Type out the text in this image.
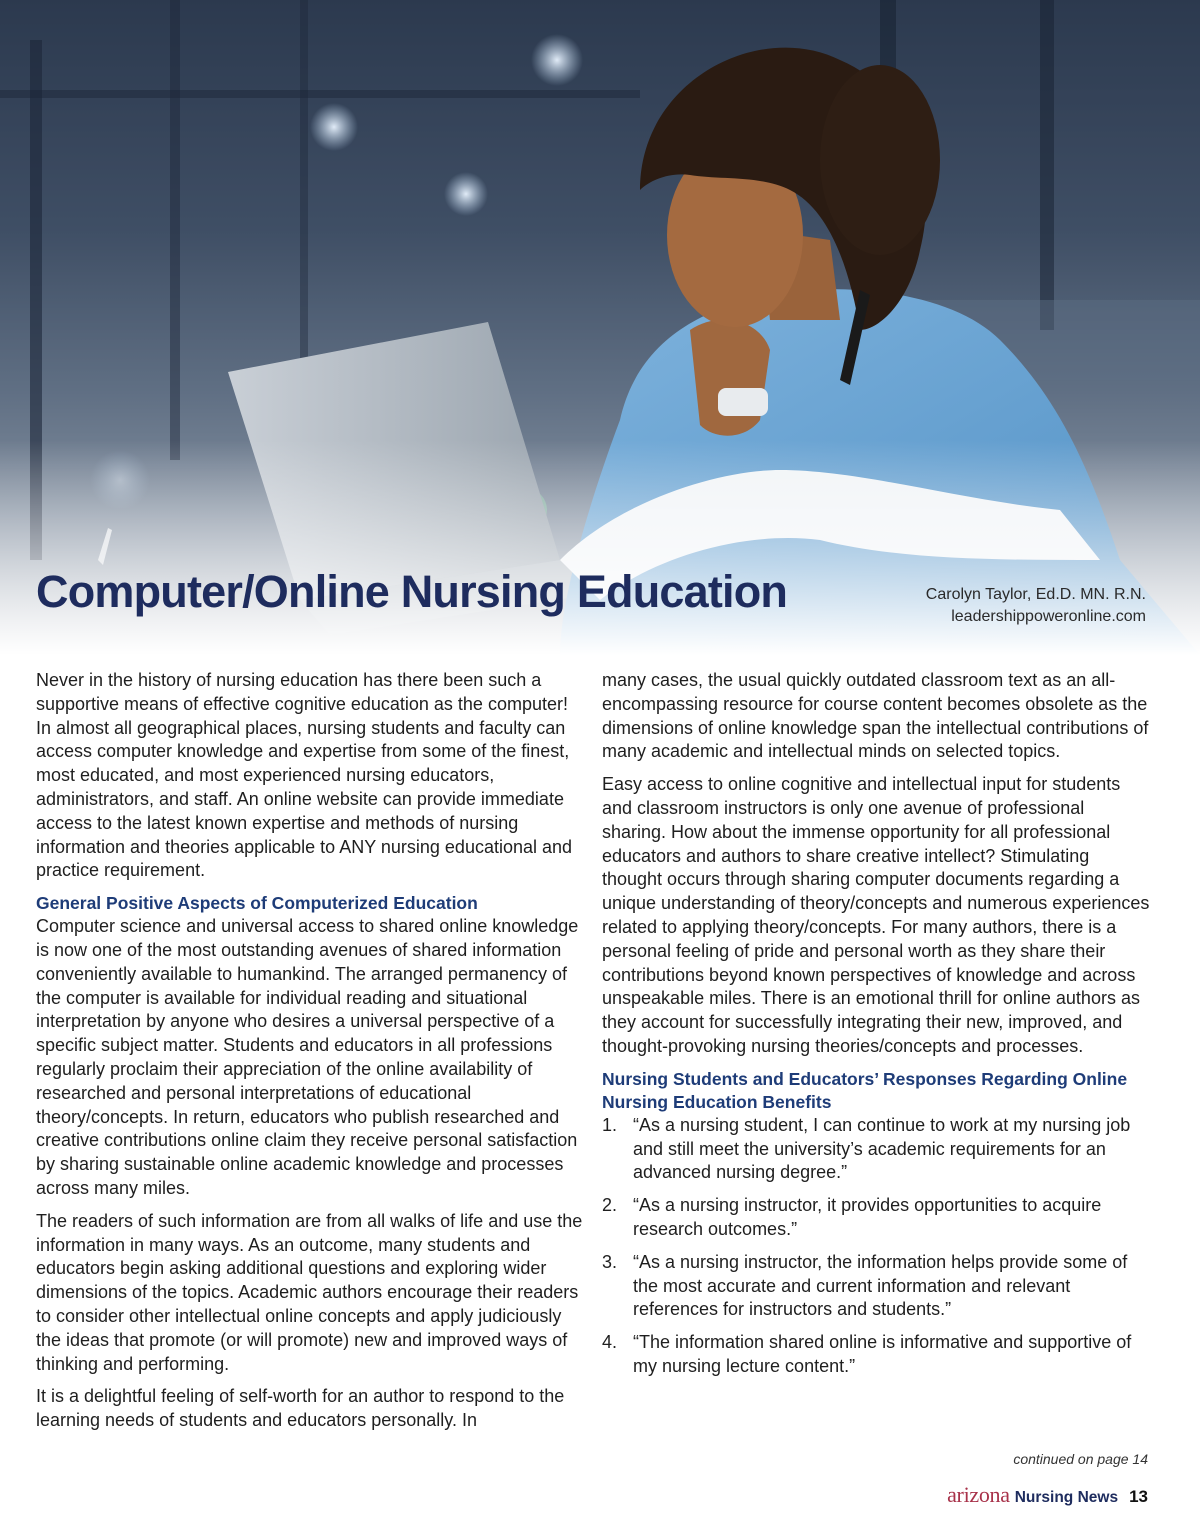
Computer/Online Nursing Education	Carolyn Taylor, Ed.D. MN. R.N.
leadershippoweronline.com

Never in the history of nursing education has there been such a supportive means of effective cognitive education as the computer! In almost all geographical places, nursing students and faculty can access computer knowledge and expertise from some of the finest, most educated, and most experienced nursing educators, administrators, and staff. An online website can provide immediate access to the latest known expertise and methods of nursing information and theories applicable to ANY nursing educational and practice requirement.

General Positive Aspects of Computerized Education

Computer science and universal access to shared online knowledge is now one of the most outstanding avenues of shared information conveniently available to humankind. The arranged permanency of the computer is available for individual reading and situational interpretation by anyone who desires a universal perspective of a specific subject matter. Students and educators in all professions regularly proclaim their appreciation of the online availability of researched and personal interpretations of educational theory/concepts. In return, educators who publish researched and creative contributions online claim they receive personal satisfaction by sharing sustainable online academic knowledge and processes across many miles.

The readers of such information are from all walks of life and use the information in many ways. As an outcome, many students and educators begin asking additional questions and exploring wider dimensions of the topics. Academic authors encourage their readers to consider other intellectual online concepts and apply judiciously the ideas that promote (or will promote) new and improved ways of thinking and performing.

It is a delightful feeling of self-worth for an author to respond to the learning needs of students and educators personally. In

many cases, the usual quickly outdated classroom text as an all-encompassing resource for course content becomes obsolete as the dimensions of online knowledge span the intellectual contributions of many academic and intellectual minds on selected topics.

Easy access to online cognitive and intellectual input for students and classroom instructors is only one avenue of professional sharing. How about the immense opportunity for all professional educators and authors to share creative intellect? Stimulating thought occurs through sharing computer documents regarding a unique understanding of theory/concepts and numerous experiences related to applying theory/concepts. For many authors, there is a personal feeling of pride and personal worth as they share their contributions beyond known perspectives of knowledge and across unspeakable miles. There is an emotional thrill for online authors as they account for successfully integrating their new, improved, and thought-provoking nursing theories/concepts and processes.

Nursing Students and Educators’ Responses Regarding Online Nursing Education Benefits
1. “As a nursing student, I can continue to work at my nursing job and still meet the university’s academic requirements for an advanced nursing degree.”
2. “As a nursing instructor, it provides opportunities to acquire research outcomes.”
3. “As a nursing instructor, the information helps provide some of the most accurate and current information and relevant references for instructors and students.”
4. “The information shared online is informative and supportive of my nursing lecture content.”
continued on page 14
arizona Nursing News 13
